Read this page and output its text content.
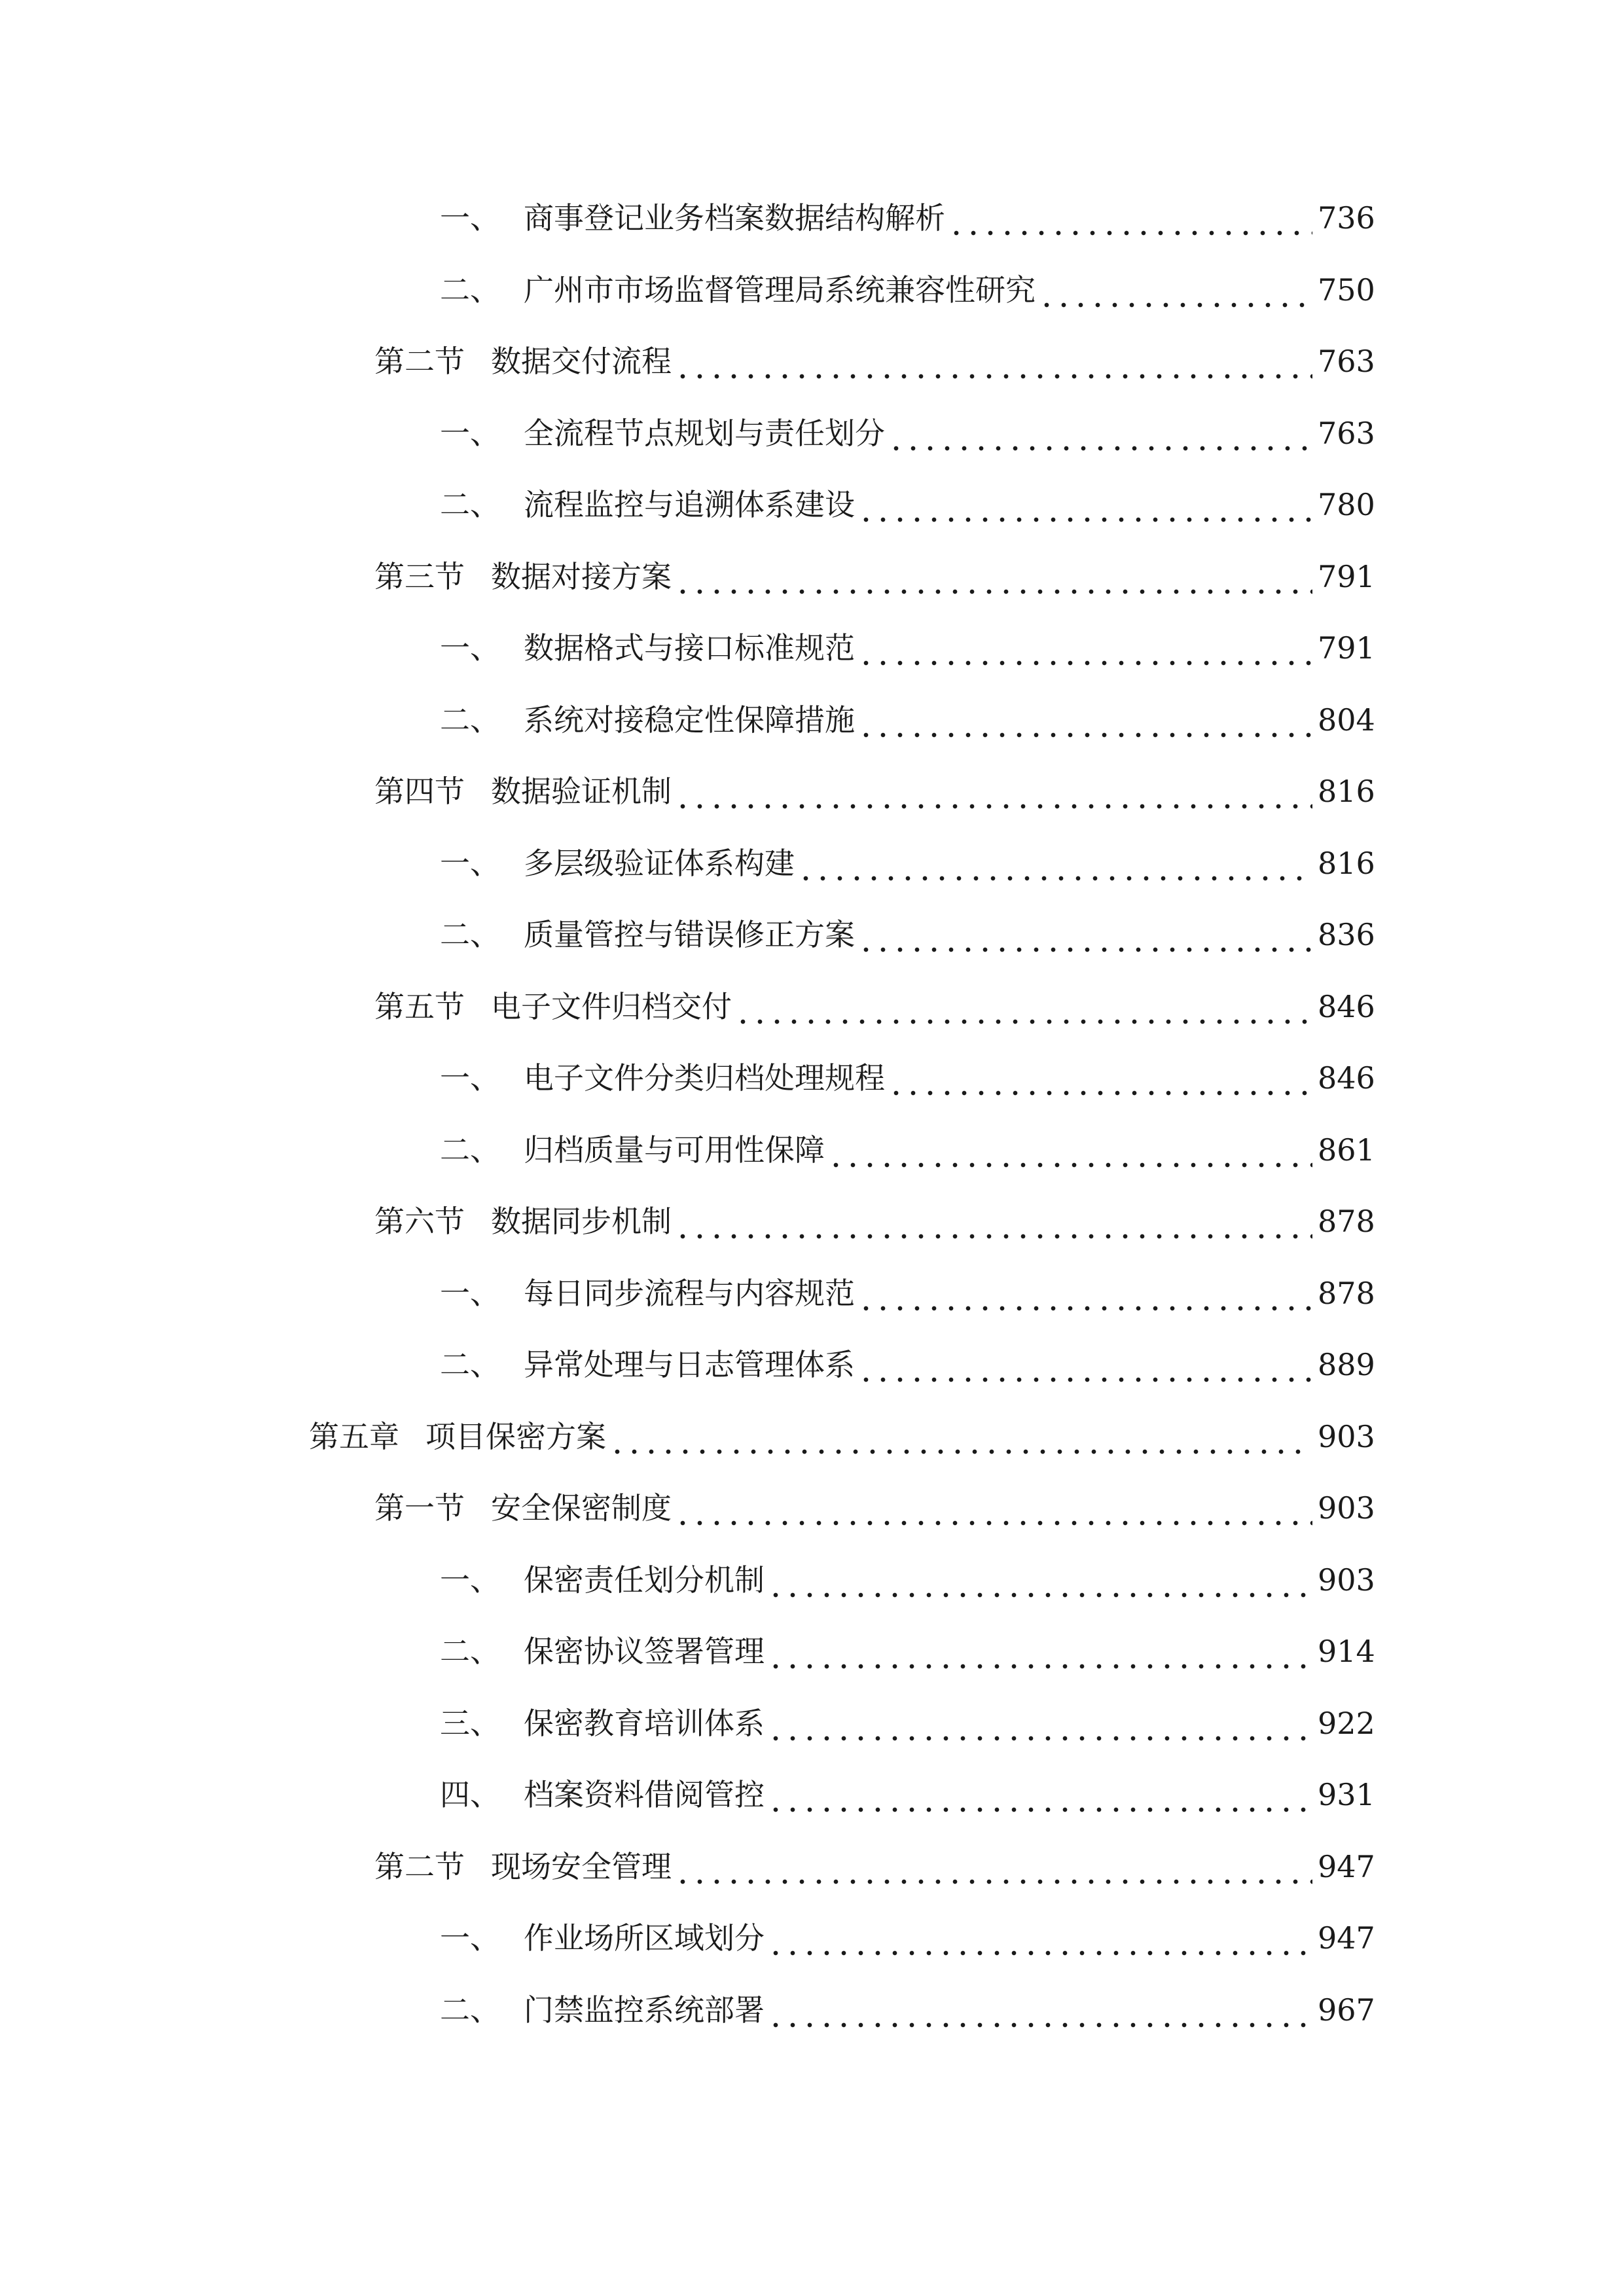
一、 商事登记业务档案数据结构解析	736
二、 广州市市场监督管理局系统兼容性研究	750
第二节 数据交付流程	763
一、 全流程节点规划与责任划分	763
二、 流程监控与追溯体系建设	780
第三节 数据对接方案	791
一、 数据格式与接口标准规范	791
二、 系统对接稳定性保障措施	804
第四节 数据验证机制	816
一、 多层级验证体系构建	816
二、 质量管控与错误修正方案	836
第五节 电子文件归档交付	846
一、 电子文件分类归档处理规程	846
二、 归档质量与可用性保障	861
第六节 数据同步机制	878
一、 每日同步流程与内容规范	878
二、 异常处理与日志管理体系	889
第五章 项目保密方案	903
第一节 安全保密制度	903
一、 保密责任划分机制	903
二、 保密协议签署管理	914
三、 保密教育培训体系	922
四、 档案资料借阅管控	931
第二节 现场安全管理	947
一、 作业场所区域划分	947
二、 门禁监控系统部署	967
